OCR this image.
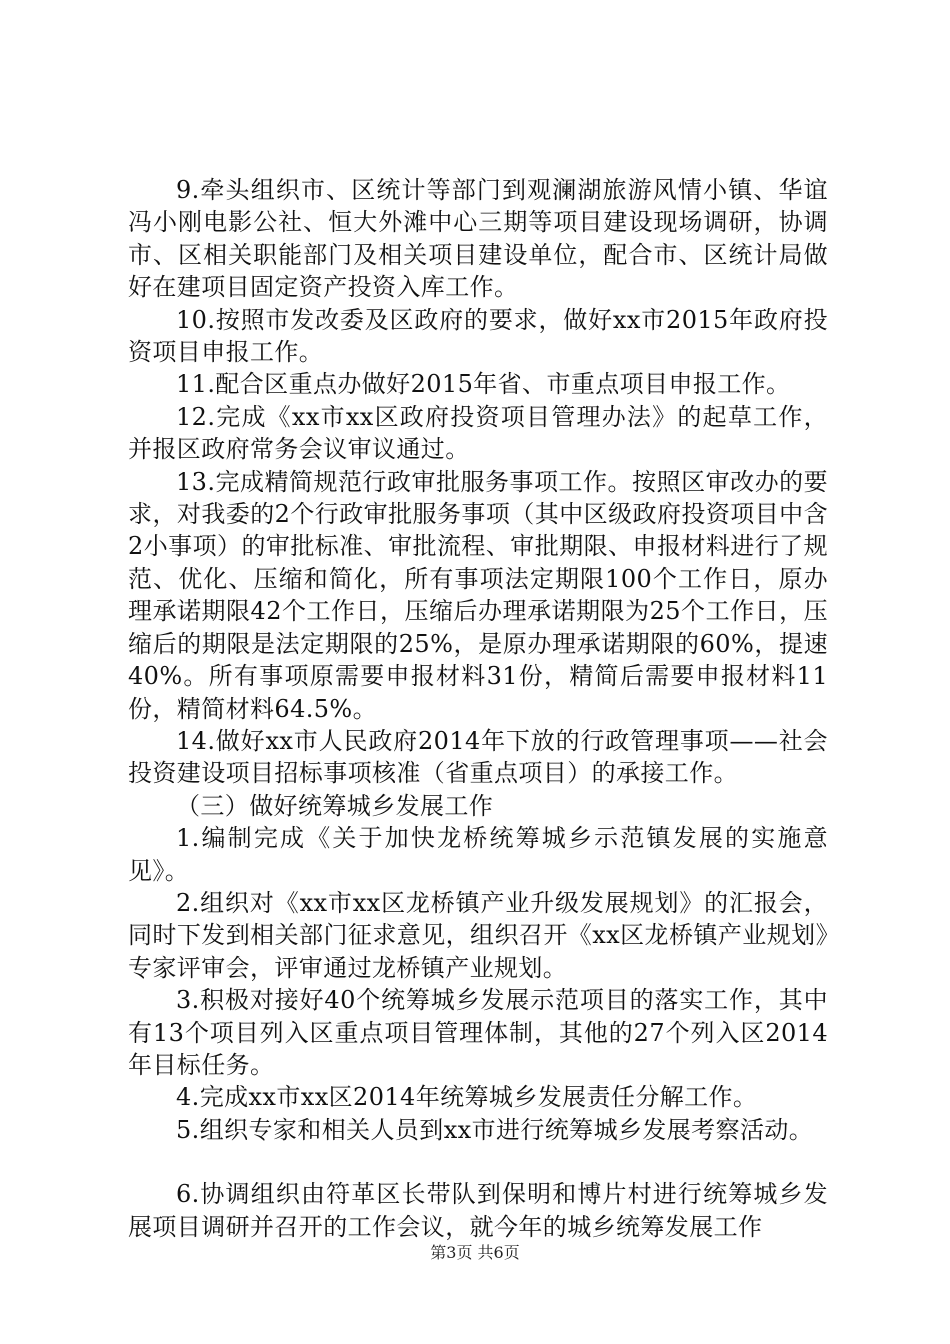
9.牵头组织市、区统计等部门到观澜湖旅游风情小镇、华谊冯小刚电影公社、恒大外滩中心三期等项目建设现场调研，协调市、区相关职能部门及相关项目建设单位，配合市、区统计局做好在建项目固定资产投资入库工作。

10.按照市发改委及区政府的要求，做好xx市2015年政府投资项目申报工作。

11.配合区重点办做好2015年省、市重点项目申报工作。

12.完成《xx市xx区政府投资项目管理办法》的起草工作，并报区政府常务会议审议通过。

13.完成精简规范行政审批服务事项工作。按照区审改办的要求，对我委的2个行政审批服务事项（其中区级政府投资项目中含2小事项）的审批标准、审批流程、审批期限、申报材料进行了规范、优化、压缩和简化，所有事项法定期限100个工作日，原办理承诺期限42个工作日，压缩后办理承诺期限为25个工作日，压缩后的期限是法定期限的25%，是原办理承诺期限的60%，提速40%。所有事项原需要申报材料31份，精简后需要申报材料11份，精简材料64.5%。

14.做好xx市人民政府2014年下放的行政管理事项——社会投资建设项目招标事项核准（省重点项目）的承接工作。

（三）做好统筹城乡发展工作

1.编制完成《关于加快龙桥统筹城乡示范镇发展的实施意见》。

2.组织对《xx市xx区龙桥镇产业升级发展规划》的汇报会，同时下发到相关部门征求意见，组织召开《xx区龙桥镇产业规划》专家评审会，评审通过龙桥镇产业规划。

3.积极对接好40个统筹城乡发展示范项目的落实工作，其中有13个项目列入区重点项目管理体制，其他的27个列入区2014年目标任务。

4.完成xx市xx区2014年统筹城乡发展责任分解工作。

5.组织专家和相关人员到xx市进行统筹城乡发展考察活动。

6.协调组织由符革区长带队到保明和博片村进行统筹城乡发展项目调研并召开的工作会议，就今年的城乡统筹发展工作

第3页 共6页
